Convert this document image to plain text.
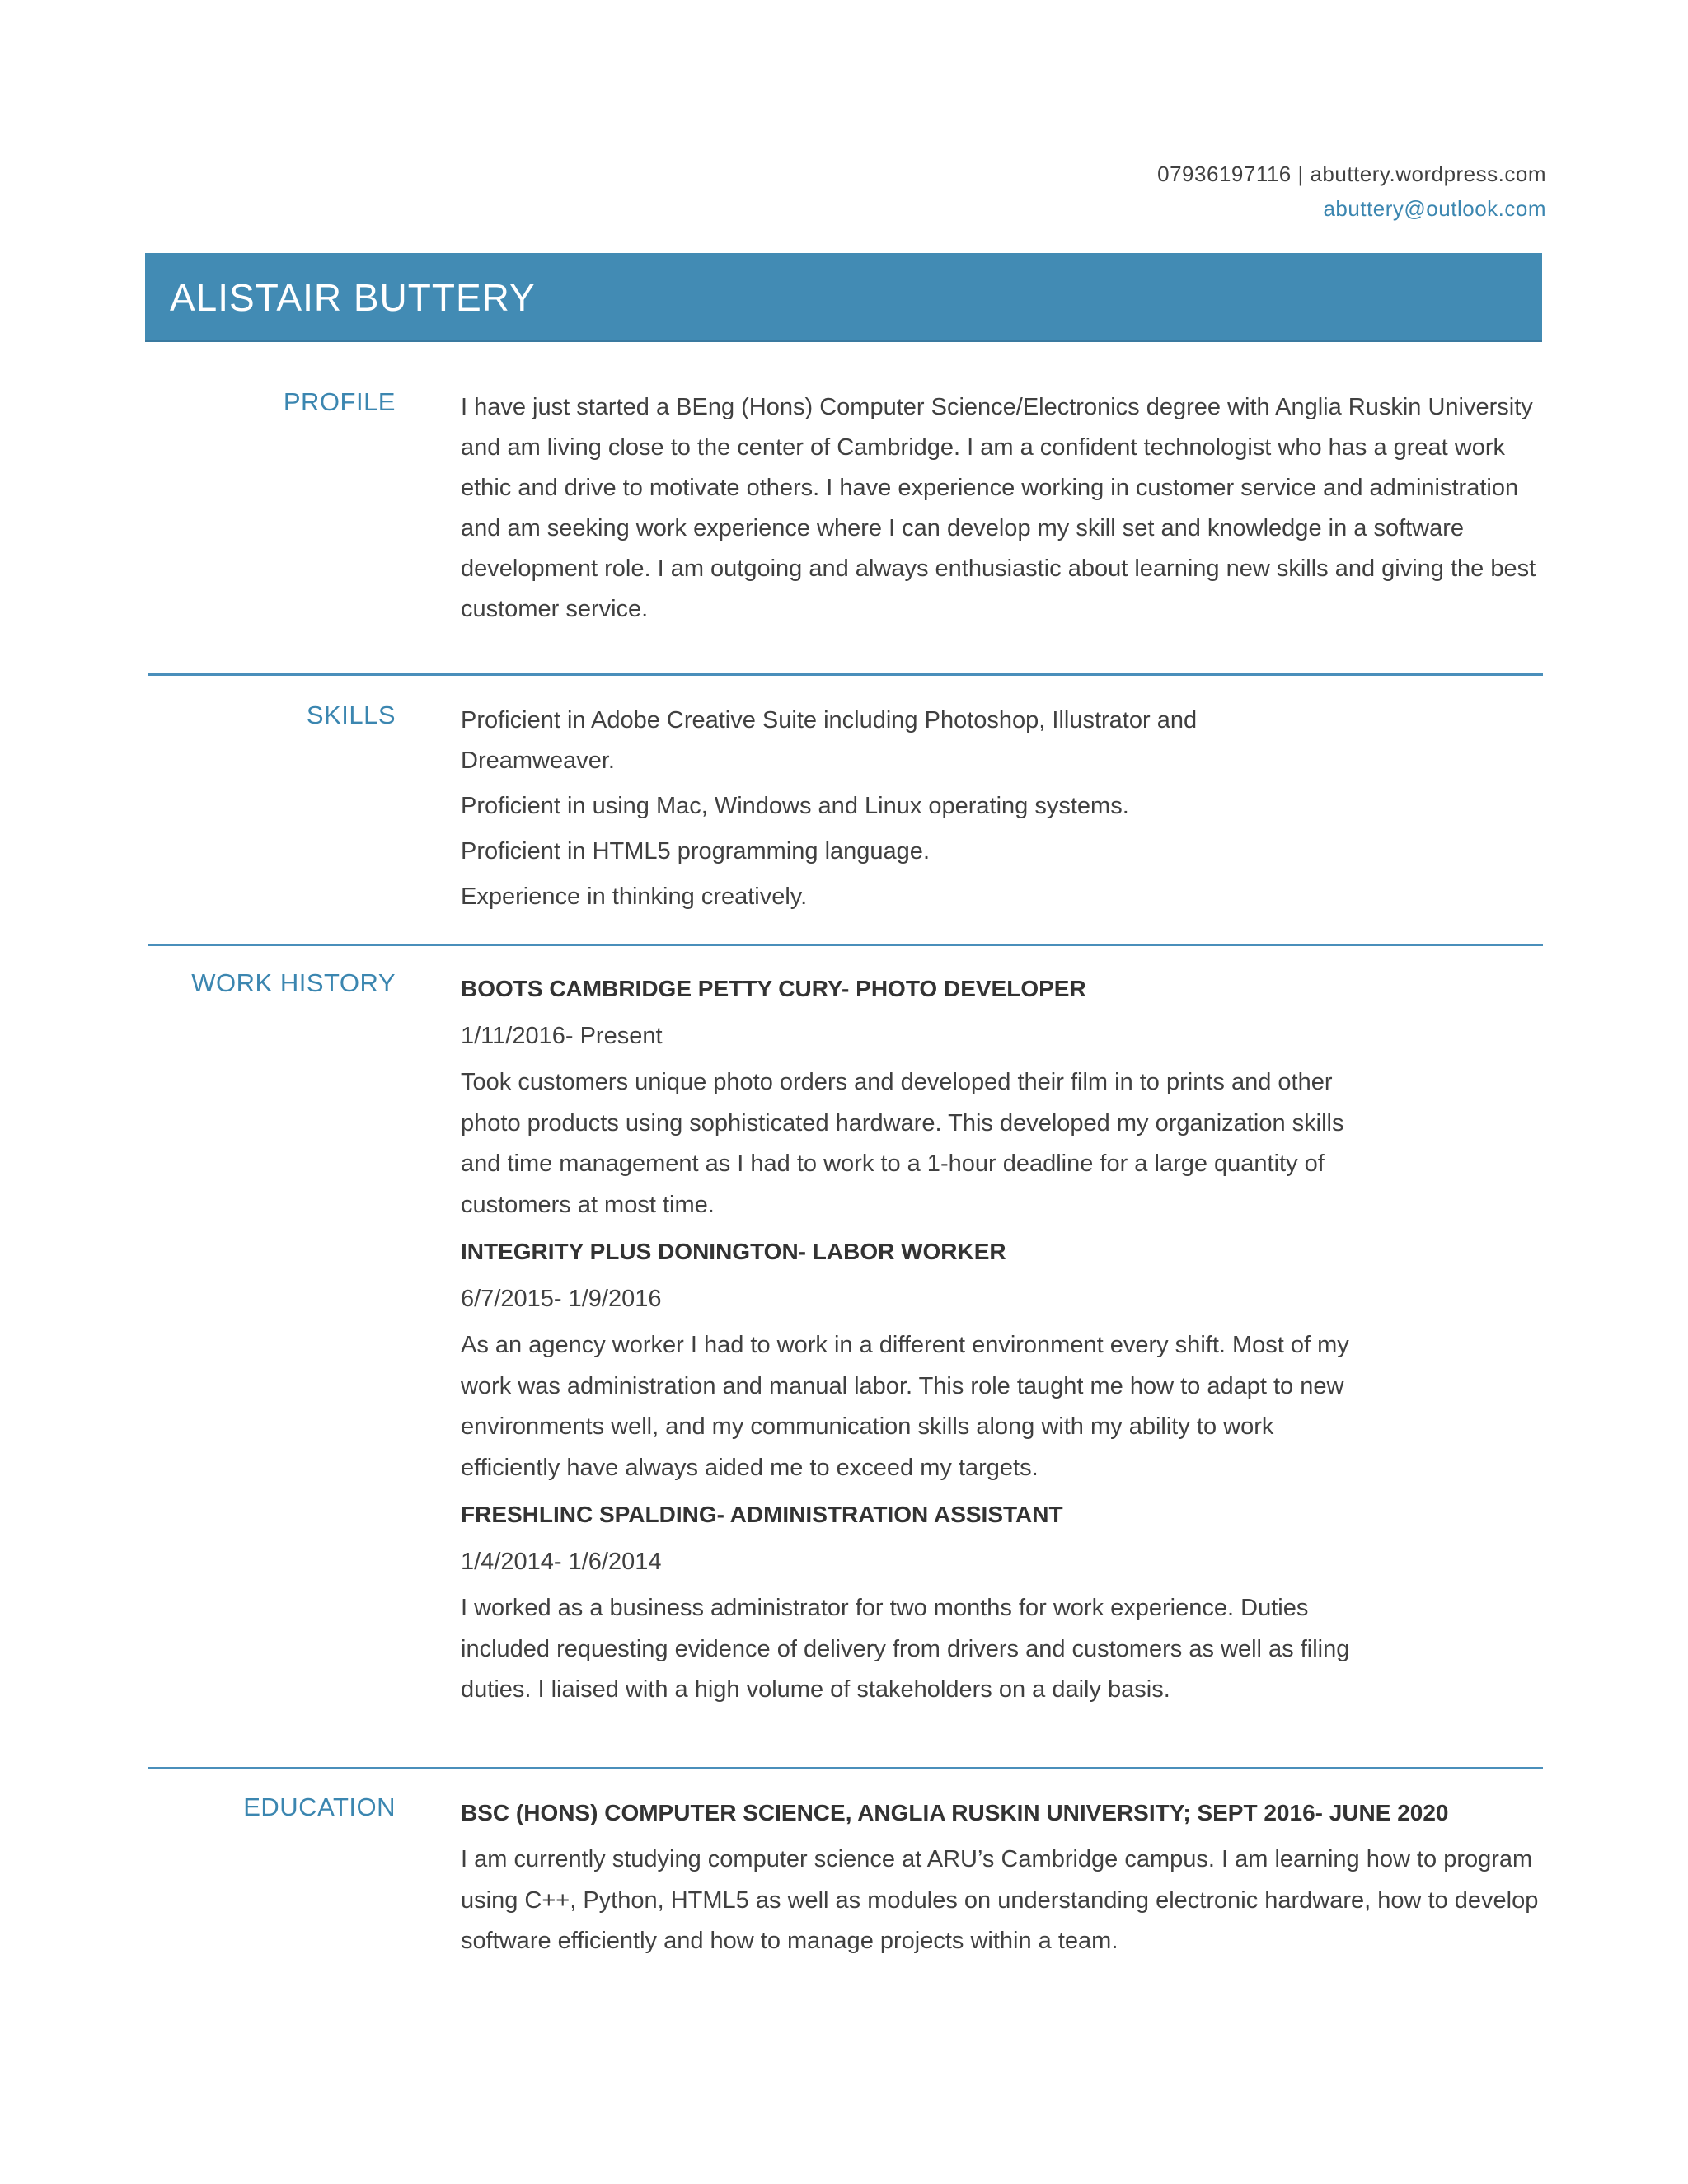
07936197116 | abuttery.wordpress.com
abuttery@outlook.com
ALISTAIR BUTTERY
PROFILE	I have just started a BEng (Hons) Computer Science/Electronics degree with Anglia Ruskin University and am living close to the center of Cambridge. I am a confident technologist who has a great work ethic and drive to motivate others. I have experience working in customer service and administration and am seeking work experience where I can develop my skill set and knowledge in a software development role. I am outgoing and always enthusiastic about learning new skills and giving the best customer service.

SKILLS	Proficient in Adobe Creative Suite including Photoshop, Illustrator and Dreamweaver.

Proficient in using Mac, Windows and Linux operating systems.

Proficient in HTML5 programming language.

Experience in thinking creatively.

WORK HISTORY	BOOTS CAMBRIDGE PETTY CURY- PHOTO DEVELOPER

1/11/2016- Present

Took customers unique photo orders and developed their film in to prints and other photo products using sophisticated hardware. This developed my organization skills and time management as I had to work to a 1-hour deadline for a large quantity of customers at most time.

INTEGRITY PLUS DONINGTON- LABOR WORKER

6/7/2015- 1/9/2016

As an agency worker I had to work in a different environment every shift. Most of my work was administration and manual labor. This role taught me how to adapt to new environments well, and my communication skills along with my ability to work efficiently have always aided me to exceed my targets.

FRESHLINC SPALDING- ADMINISTRATION ASSISTANT

1/4/2014- 1/6/2014

I worked as a business administrator for two months for work experience. Duties included requesting evidence of delivery from drivers and customers as well as filing duties. I liaised with a high volume of stakeholders on a daily basis.

EDUCATION	BSC (HONS) COMPUTER SCIENCE, ANGLIA RUSKIN UNIVERSITY; SEPT 2016- JUNE 2020

I am currently studying computer science at ARU’s Cambridge campus. I am learning how to program using C++, Python, HTML5 as well as modules on understanding electronic hardware, how to develop software efficiently and how to manage projects within a team.
